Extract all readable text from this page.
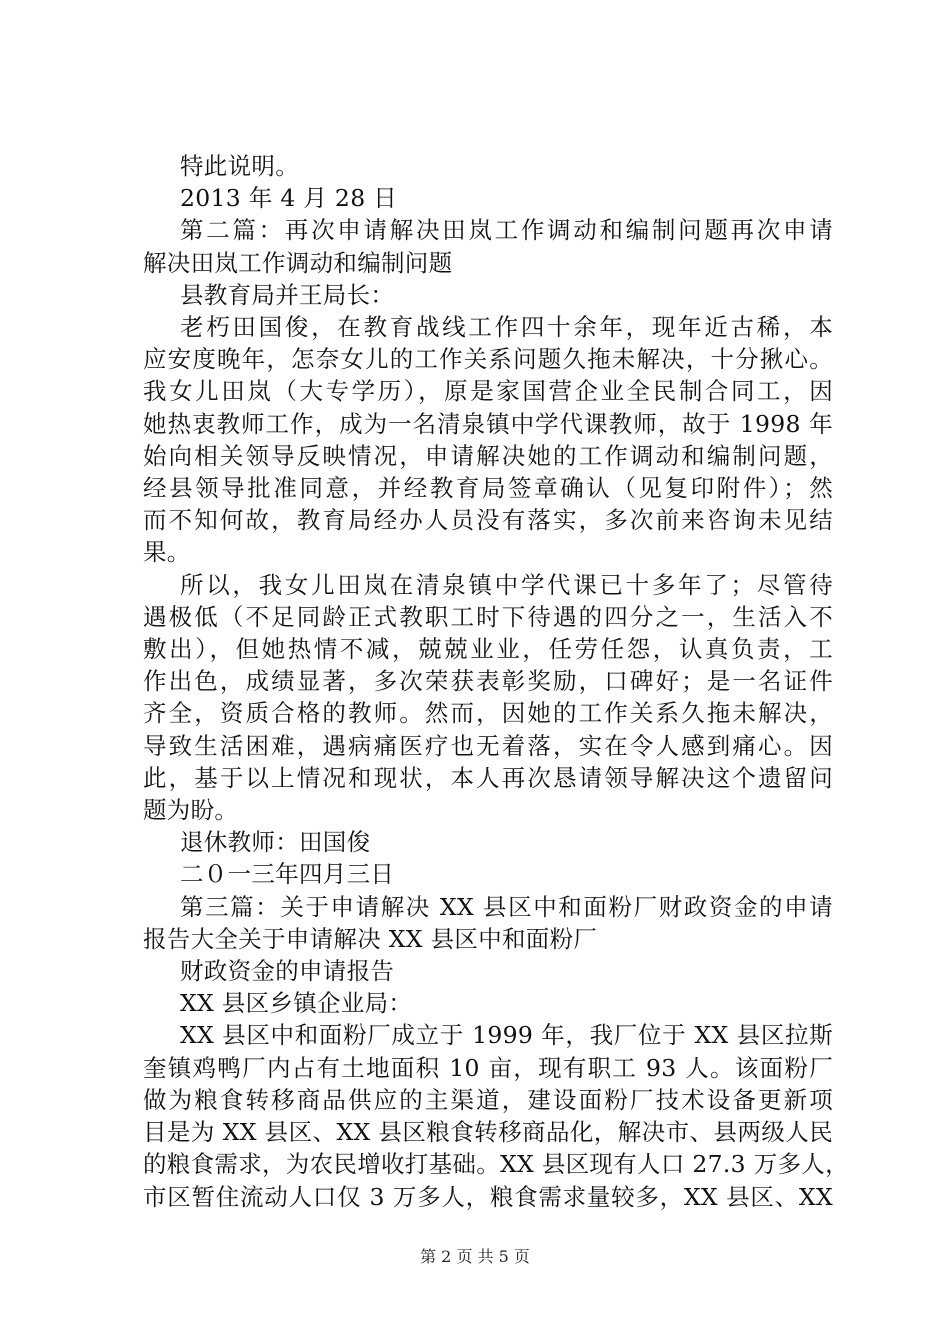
特此说明。
2013 年 4 月 28 日
第二篇：再次申请解决田岚工作调动和编制问题再次申请
解决田岚工作调动和编制问题
县教育局并王局长：
老朽田国俊，在教育战线工作四十余年，现年近古稀，本
应安度晚年，怎奈女儿的工作关系问题久拖未解决，十分揪心。
我女儿田岚（大专学历），原是家国营企业全民制合同工，因
她热衷教师工作，成为一名清泉镇中学代课教师，故于 1998 年
始向相关领导反映情况，申请解决她的工作调动和编制问题，
经县领导批准同意，并经教育局签章确认（见复印附件）；然
而不知何故，教育局经办人员没有落实，多次前来咨询未见结
果。
所以，我女儿田岚在清泉镇中学代课已十多年了；尽管待
遇极低（不足同龄正式教职工时下待遇的四分之一，生活入不
敷出），但她热情不减，兢兢业业，任劳任怨，认真负责，工
作出色，成绩显著，多次荣获表彰奖励，口碑好；是一名证件
齐全，资质合格的教师。然而，因她的工作关系久拖未解决，
导致生活困难，遇病痛医疗也无着落，实在令人感到痛心。因
此，基于以上情况和现状，本人再次恳请领导解决这个遗留问
题为盼。
退休教师：田国俊
二０一三年四月三日
第三篇：关于申请解决 XX 县区中和面粉厂财政资金的申请
报告大全关于申请解决 XX 县区中和面粉厂
财政资金的申请报告
XX 县区乡镇企业局：
XX 县区中和面粉厂成立于 1999 年，我厂位于 XX 县区拉斯
奎镇鸡鸭厂内占有土地面积 10 亩，现有职工 93 人。该面粉厂
做为粮食转移商品供应的主渠道，建设面粉厂技术设备更新项
目是为 XX 县区、XX 县区粮食转移商品化，解决市、县两级人民
的粮食需求，为农民增收打基础。XX 县区现有人口 27.3 万多人，
市区暂住流动人口仅 3 万多人，粮食需求量较多，XX 县区、XX
第 2 页 共 5 页
